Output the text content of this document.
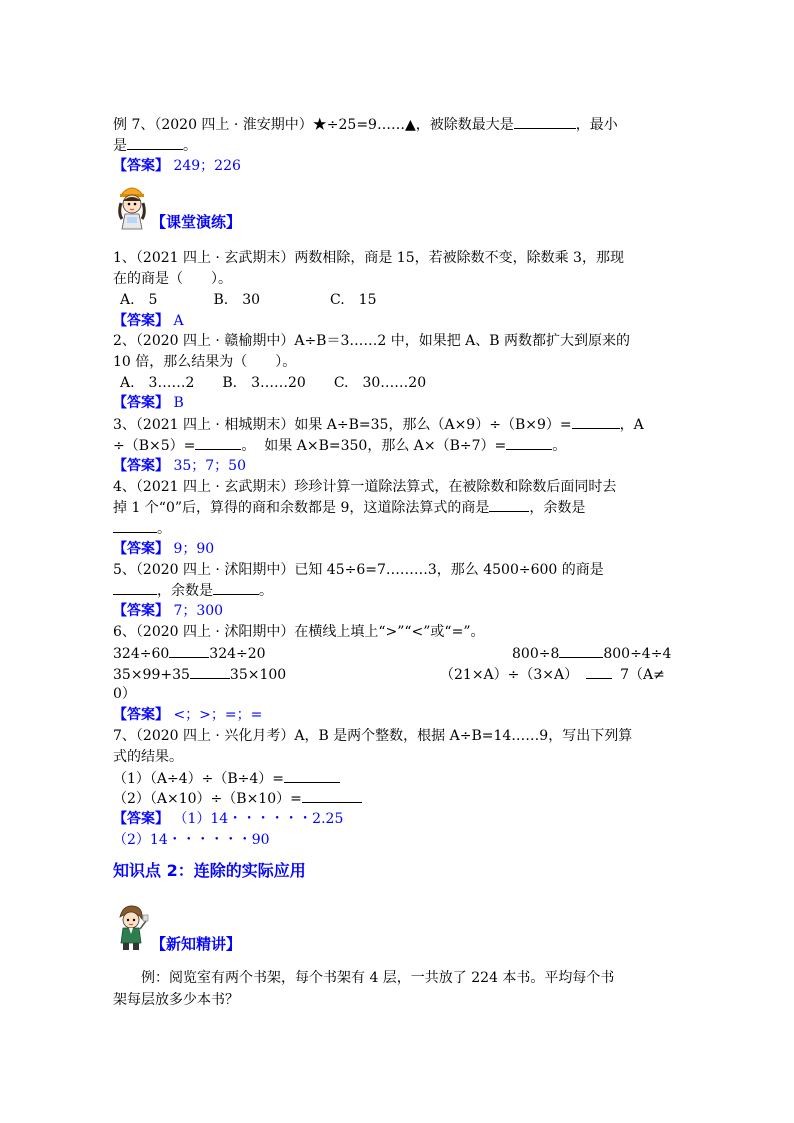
例 7、（2020 四上 · 淮安期中）★÷25=9……▲，被除数最大是	，最小
是	。
【答案】 249；226
【课堂演练】
1、（2021 四上 · 玄武期末）两数相除，商是 15，若被除数不变，除数乘 3，那现
在的商是（　　）。
A.　5　　　　B.　30　　　　　C.　15
【答案】 A
2、（2020 四上 · 赣榆期中）A÷B＝3……2 中，如果把 A、B 两数都扩大到原来的
10 倍，那么结果为（　　）。
A.　3……2　　B.　3……20　　C.　30……20
【答案】 B
3、（2021 四上 · 相城期末）如果 A÷B=35，那么（A×9）÷（B×9）=	，A
÷（B×5）=	。  如果 A×B=350，那么 A×（B÷7）=	。
【答案】 35；7；50
4、（2021 四上 · 玄武期末）珍珍计算一道除法算式，在被除数和除数后面同时去
掉 1 个“0”后，算得的商和余数都是 9，这道除法算式的商是	，余数是
。
【答案】 9；90
5、（2020 四上 · 沭阳期中）已知 45÷6=7………3，那么 4500÷600 的商是
，余数是	。
【答案】 7；300
6、（2020 四上 · 沭阳期中）在横线上填上“>”“<”或“=”。
324÷60	324÷20	800÷8	800÷4÷4
35×99+35	35×100	（21×A）÷（3×A）	7（A≠
0）
【答案】 <；>；=；=
7、（2020 四上 · 兴化月考）A，B 是两个整数，根据 A÷B=14……9，写出下列算
式的结果。
（1）（A÷4）÷（B÷4）=
（2）（A×10）÷（B×10）=
【答案】 （1）14・・・・・・2.25
（2）14・・・・・・90
知识点 2：连除的实际应用
【新知精讲】
　　例：阅览室有两个书架，每个书架有 4 层，一共放了 224 本书。平均每个书
架每层放多少本书？
